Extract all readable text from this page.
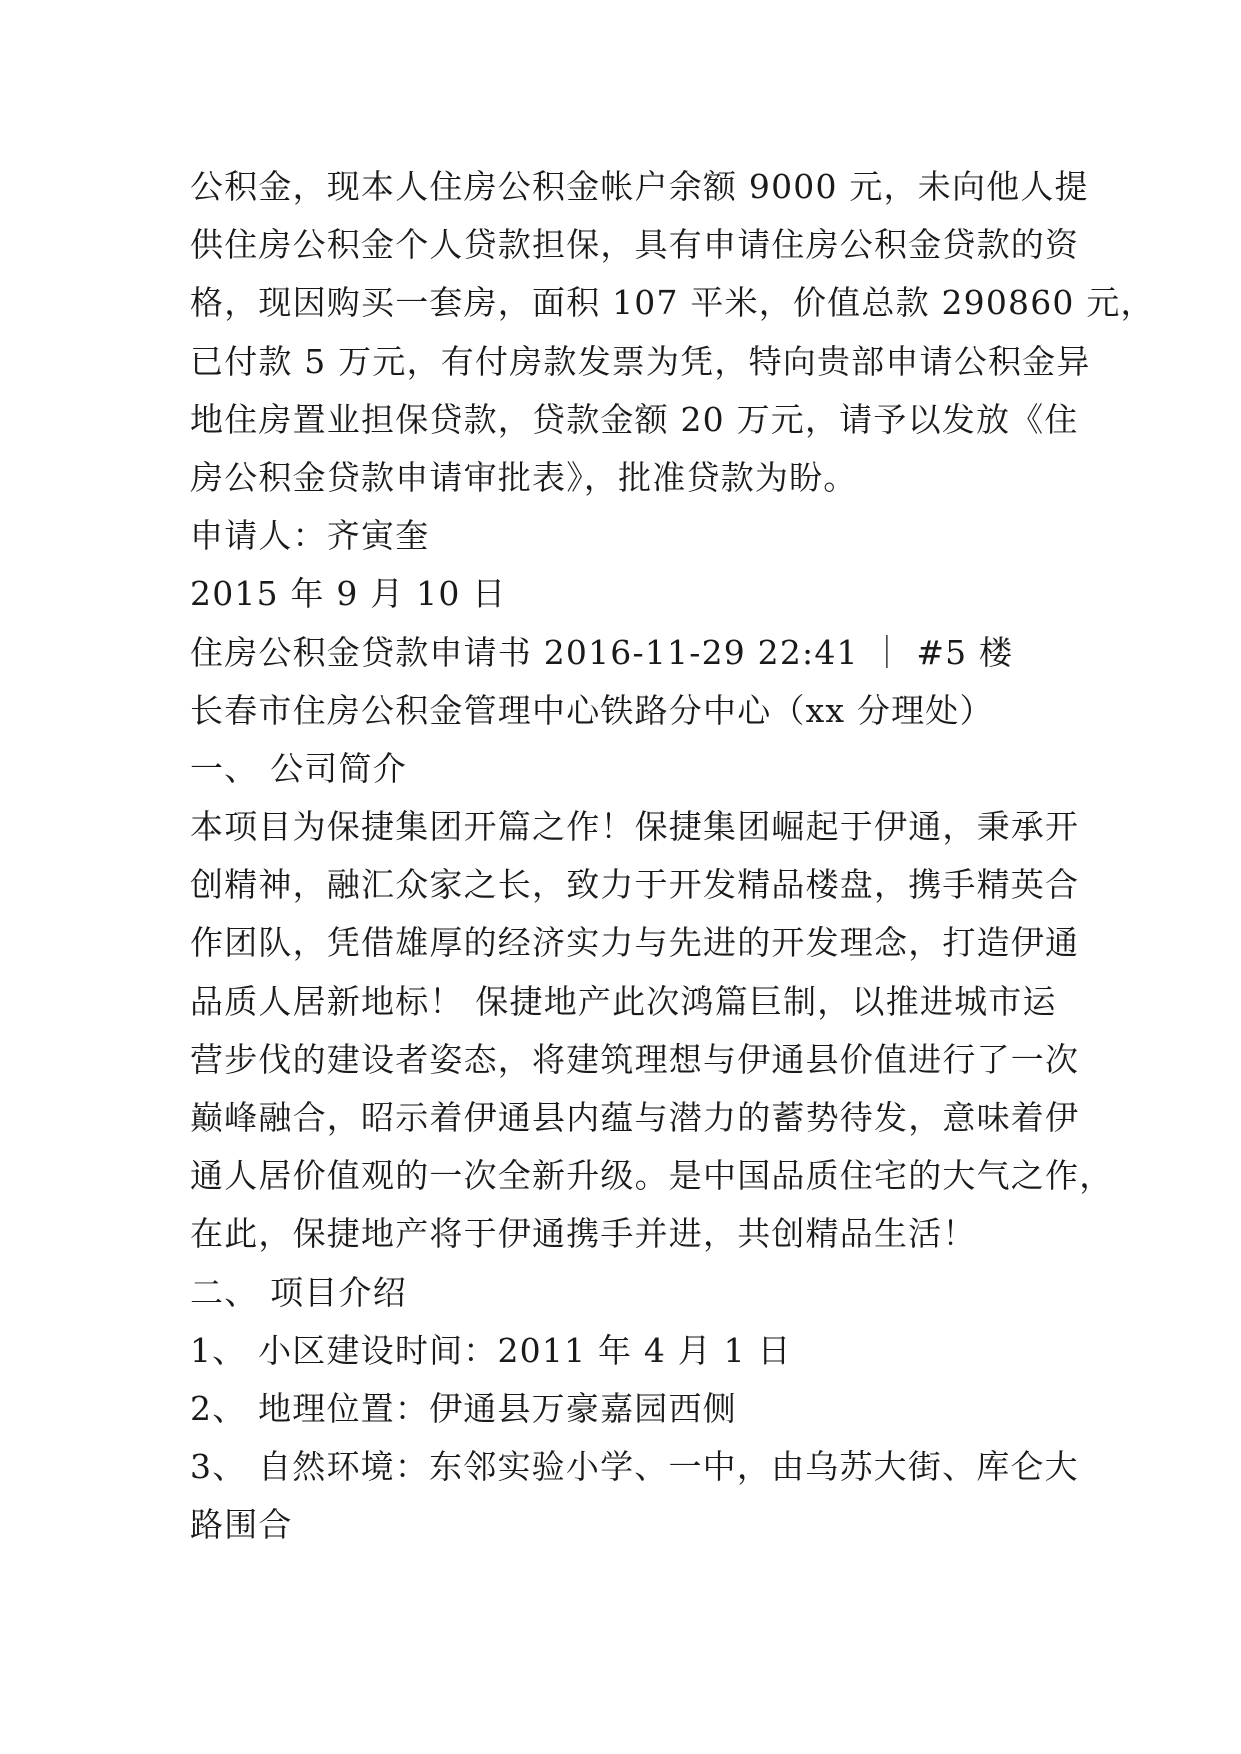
公积金，现本人住房公积金帐户余额 9000 元，未向他人提
供住房公积金个人贷款担保，具有申请住房公积金贷款的资
格，现因购买一套房，面积 107 平米，价值总款 290860 元，
已付款 5 万元，有付房款发票为凭，特向贵部申请公积金异
地住房置业担保贷款，贷款金额 20 万元，请予以发放《住
房公积金贷款申请审批表》，批准贷款为盼。
申请人：齐寅奎
2015 年 9 月 10 日
住房公积金贷款申请书 2016-11-29 22:41 ｜ #5 楼
长春市住房公积金管理中心铁路分中心（xx 分理处）
一、 公司简介
本项目为保捷集团开篇之作！保捷集团崛起于伊通，秉承开
创精神，融汇众家之长，致力于开发精品楼盘，携手精英合
作团队，凭借雄厚的经济实力与先进的开发理念，打造伊通
品质人居新地标！ 保捷地产此次鸿篇巨制，以推进城市运
营步伐的建设者姿态，将建筑理想与伊通县价值进行了一次
巅峰融合，昭示着伊通县内蕴与潜力的蓄势待发，意味着伊
通人居价值观的一次全新升级。是中国品质住宅的大气之作，
在此，保捷地产将于伊通携手并进，共创精品生活！
二、 项目介绍
1、 小区建设时间：2011 年 4 月 1 日
2、 地理位置：伊通县万豪嘉园西侧
3、 自然环境：东邻实验小学、一中，由乌苏大街、库仑大
路围合
